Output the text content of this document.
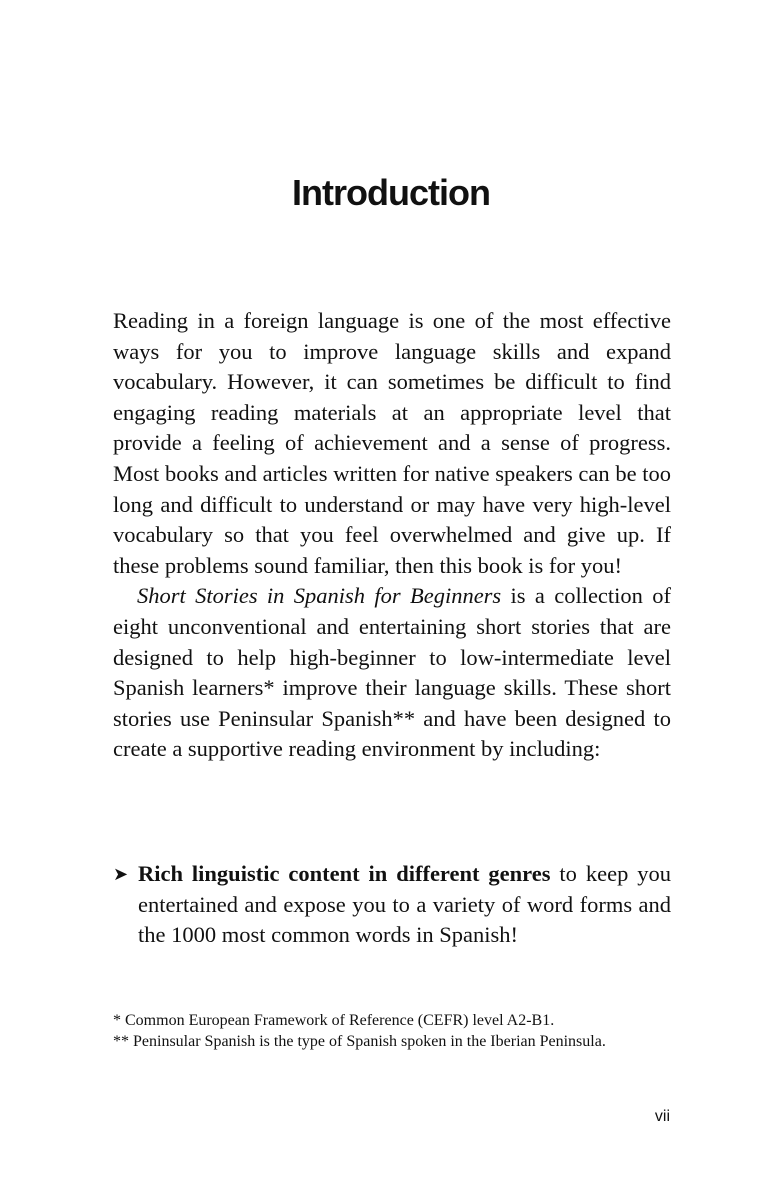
Introduction

Reading in a foreign language is one of the most effective ways for you to improve language skills and expand vocabulary. However, it can sometimes be difficult to find engaging reading materials at an appropriate level that provide a feeling of achievement and a sense of progress. Most books and articles written for native speakers can be too long and difficult to understand or may have very high-level vocabulary so that you feel overwhelmed and give up. If these problems sound familiar, then this book is for you!

Short Stories in Spanish for Beginners is a collection of eight unconventional and entertaining short stories that are designed to help high-beginner to low-intermediate level Spanish learners* improve their language skills. These short stories use Peninsular Spanish** and have been designed to create a supportive reading environment by including:

➤ Rich linguistic content in different genres to keep you entertained and expose you to a variety of word forms and the 1000 most common words in Spanish!

* Common European Framework of Reference (CEFR) level A2-B1.

** Peninsular Spanish is the type of Spanish spoken in the Iberian Peninsula.

vii
